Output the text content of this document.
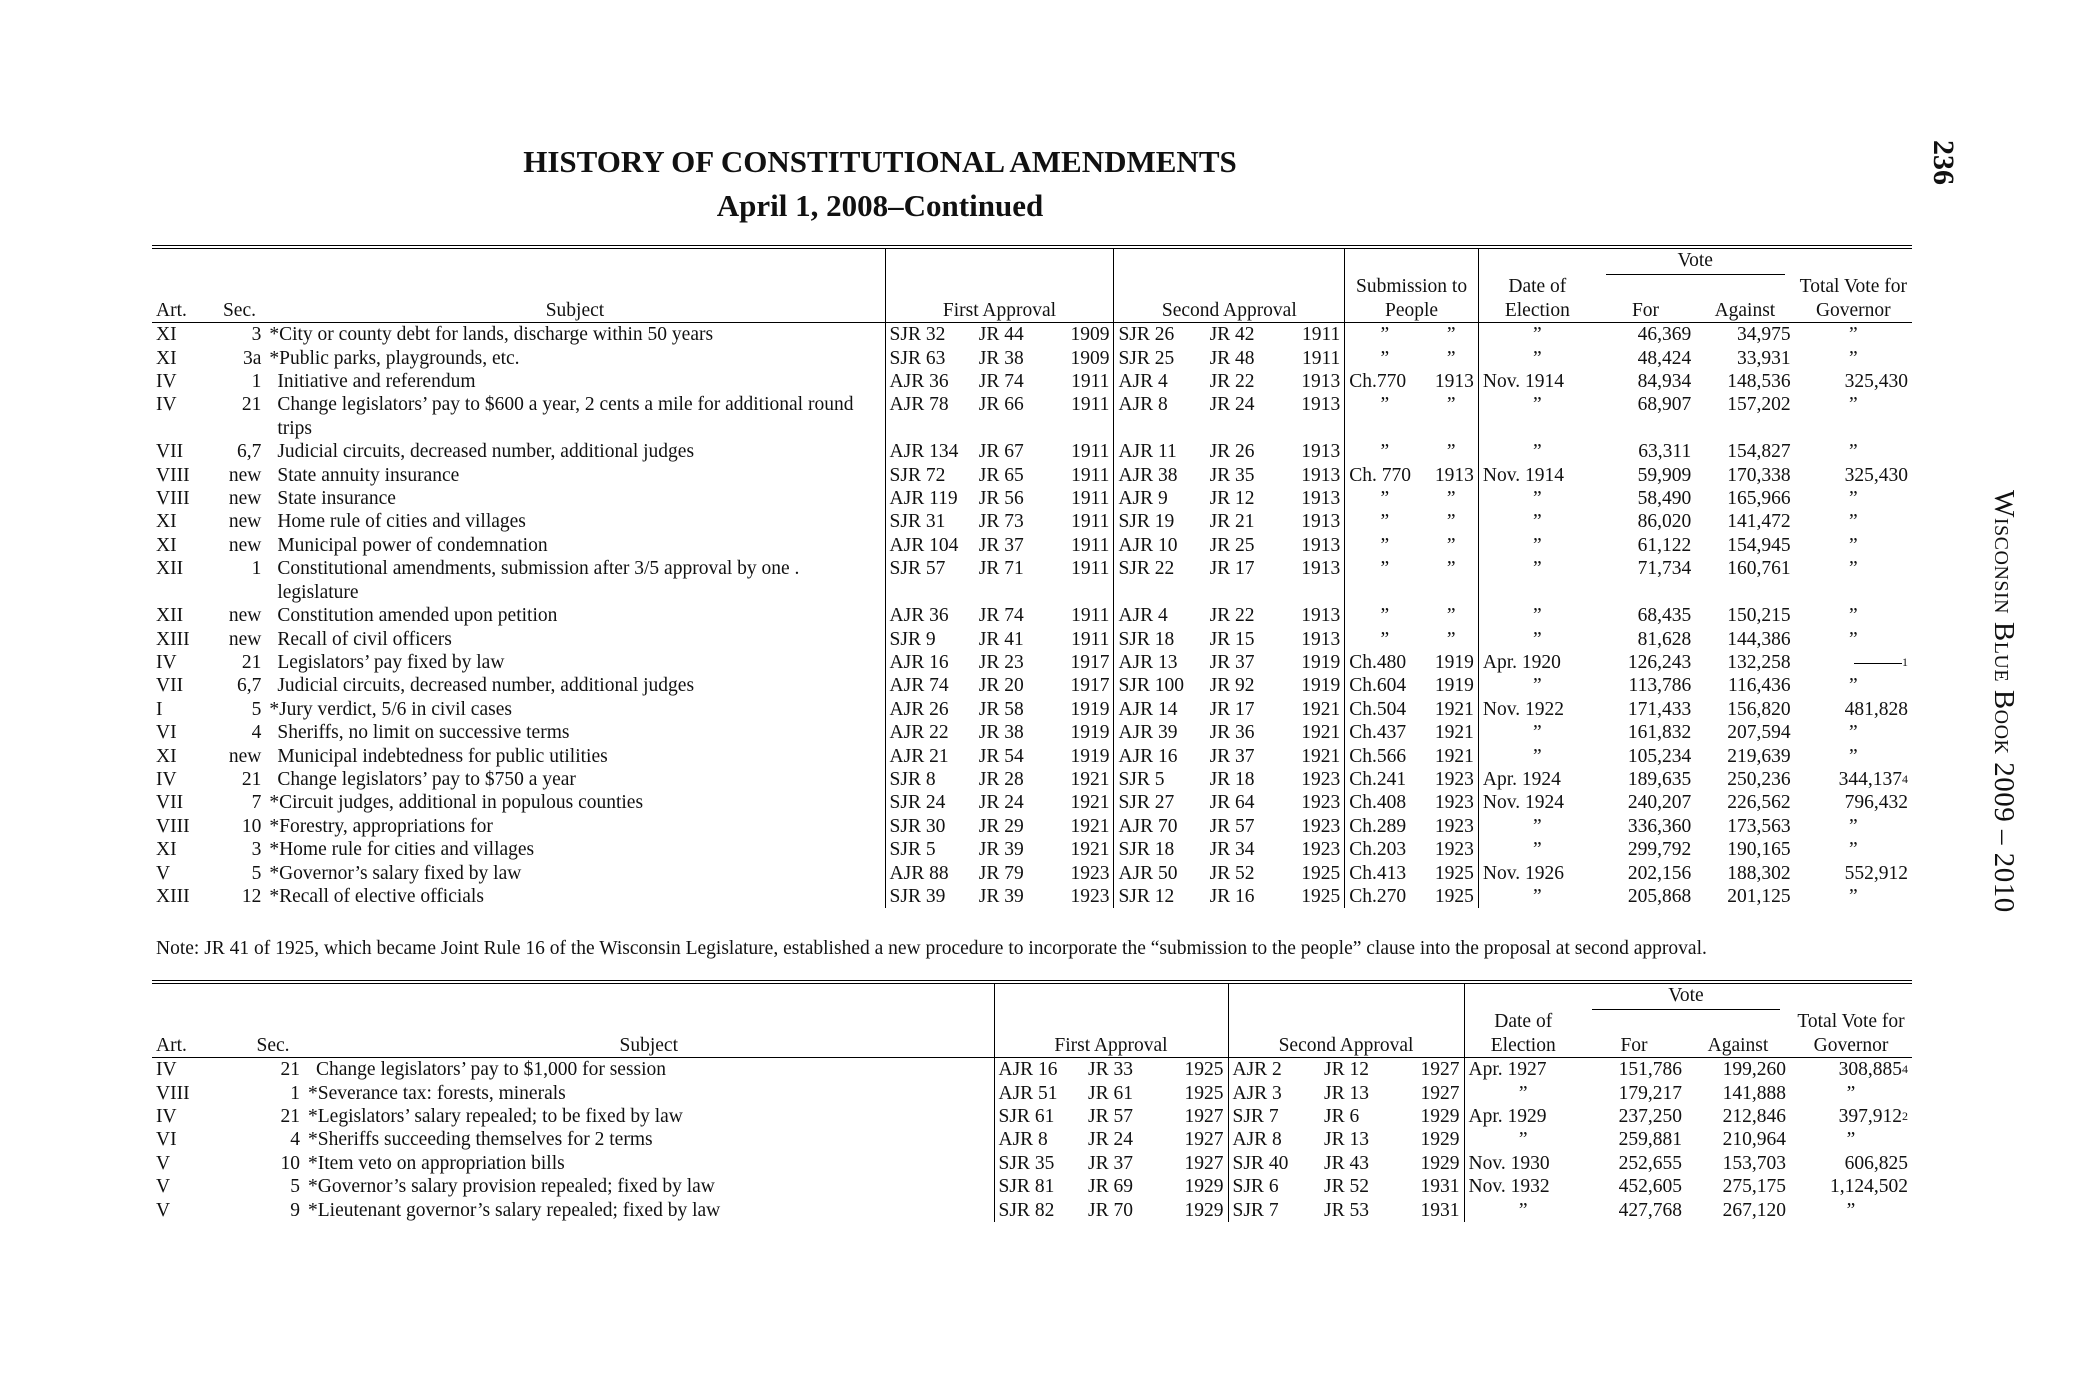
HISTORY OF CONSTITUTIONAL AMENDMENTS
April 1, 2008–Continued
236
Wisconsin Blue Book 2009 – 2010

												Vote	

Art.	Sec.	Subject	First Approval			Second Approval			Submission to People		Date of Election	For	Against	Total Vote for Governor
XI	3	*City or county debt for lands, discharge within 50 years	SJR 32	JR 44	1909	SJR 26	JR 42	1911	”	”	”	46,369	34,975	”
XI	3a	*Public parks, playgrounds, etc.	SJR 63	JR 38	1909	SJR 25	JR 48	1911	”	”	”	48,424	33,931	”
IV	1	Initiative and referendum	AJR 36	JR 74	1911	AJR 4	JR 22	1913	Ch.770	1913	Nov. 1914	84,934	148,536	325,430
IV	21	Change legislators’ pay to $600 a year, 2 cents a mile for additional round trips	AJR 78	JR 66	1911	AJR 8	JR 24	1913	”	”	”	68,907	157,202	”
VII	6,7	Judicial circuits, decreased number, additional judges	AJR 134	JR 67	1911	AJR 11	JR 26	1913	”	”	”	63,311	154,827	”
VIII	new	State annuity insurance	SJR 72	JR 65	1911	AJR 38	JR 35	1913	Ch. 770	1913	Nov. 1914	59,909	170,338	325,430
VIII	new	State insurance	AJR 119	JR 56	1911	AJR 9	JR 12	1913	”	”	”	58,490	165,966	”
XI	new	Home rule of cities and villages	SJR 31	JR 73	1911	SJR 19	JR 21	1913	”	”	”	86,020	141,472	”
XI	new	Municipal power of condemnation	AJR 104	JR 37	1911	AJR 10	JR 25	1913	”	”	”	61,122	154,945	”
XII	1	Constitutional amendments, submission after 3/5 approval by one . legislature	SJR 57	JR 71	1911	SJR 22	JR 17	1913	”	”	”	71,734	160,761	”
XII	new	Constitution amended upon petition	AJR 36	JR 74	1911	AJR 4	JR 22	1913	”	”	”	68,435	150,215	”
XIII	new	Recall of civil officers	SJR 9	JR 41	1911	SJR 18	JR 15	1913	”	”	”	81,628	144,386	”
IV	21	Legislators’ pay fixed by law	AJR 16	JR 23	1917	AJR 13	JR 37	1919	Ch.480	1919	Apr. 1920	126,243	132,258	$^1$
VII	6,7	Judicial circuits, decreased number, additional judges	AJR 74	JR 20	1917	SJR 100	JR 92	1919	Ch.604	1919	”	113,786	116,436	”
I	5	*Jury verdict, 5/6 in civil cases	AJR 26	JR 58	1919	AJR 14	JR 17	1921	Ch.504	1921	Nov. 1922	171,433	156,820	481,828
VI	4	Sheriffs, no limit on successive terms	AJR 22	JR 38	1919	AJR 39	JR 36	1921	Ch.437	1921	”	161,832	207,594	”
XI	new	Municipal indebtedness for public utilities	AJR 21	JR 54	1919	AJR 16	JR 37	1921	Ch.566	1921	”	105,234	219,639	”
IV	21	Change legislators’ pay to $750 a year	SJR 8	JR 28	1921	SJR 5	JR 18	1923	Ch.241	1923	Apr. 1924	189,635	250,236	344,137$^4$
VII	7	*Circuit judges, additional in populous counties	SJR 24	JR 24	1921	SJR 27	JR 64	1923	Ch.408	1923	Nov. 1924	240,207	226,562	796,432
VIII	10	*Forestry, appropriations for	SJR 30	JR 29	1921	AJR 70	JR 57	1923	Ch.289	1923	”	336,360	173,563	”
XI	3	*Home rule for cities and villages	SJR 5	JR 39	1921	SJR 18	JR 34	1923	Ch.203	1923	”	299,792	190,165	”
V	5	*Governor’s salary fixed by law	AJR 88	JR 79	1923	AJR 50	JR 52	1925	Ch.413	1925	Nov. 1926	202,156	188,302	552,912
XIII	12	*Recall of elective officials	SJR 39	JR 39	1923	SJR 12	JR 16	1925	Ch.270	1925	”	205,868	201,125	”
Note: JR 41 of 1925, which became Joint Rule 16 of the Wisconsin Legislature, established a new procedure to incorporate the “submission to the people” clause into the proposal at second approval.

										Vote	

Art.	Sec.	Subject	First Approval			Second Approval			Date of Election	For	Against	Total Vote for Governor
IV	21	Change legislators’ pay to $1,000 for session	AJR 16	JR 33	1925	AJR 2	JR 12	1927	Apr. 1927	151,786	199,260	308,885$^4$
VIII	1	*Severance tax: forests, minerals	AJR 51	JR 61	1925	AJR 3	JR 13	1927	”	179,217	141,888	”
IV	21	*Legislators’ salary repealed; to be fixed by law	SJR 61	JR 57	1927	SJR 7	JR 6	1929	Apr. 1929	237,250	212,846	397,912$^2$
VI	4	*Sheriffs succeeding themselves for 2 terms	AJR 8	JR 24	1927	AJR 8	JR 13	1929	”	259,881	210,964	”
V	10	*Item veto on appropriation bills	SJR 35	JR 37	1927	SJR 40	JR 43	1929	Nov. 1930	252,655	153,703	606,825
V	5	*Governor’s salary provision repealed; fixed by law	SJR 81	JR 69	1929	SJR 6	JR 52	1931	Nov. 1932	452,605	275,175	1,124,502
V	9	*Lieutenant governor’s salary repealed; fixed by law	SJR 82	JR 70	1929	SJR 7	JR 53	1931	”	427,768	267,120	”
